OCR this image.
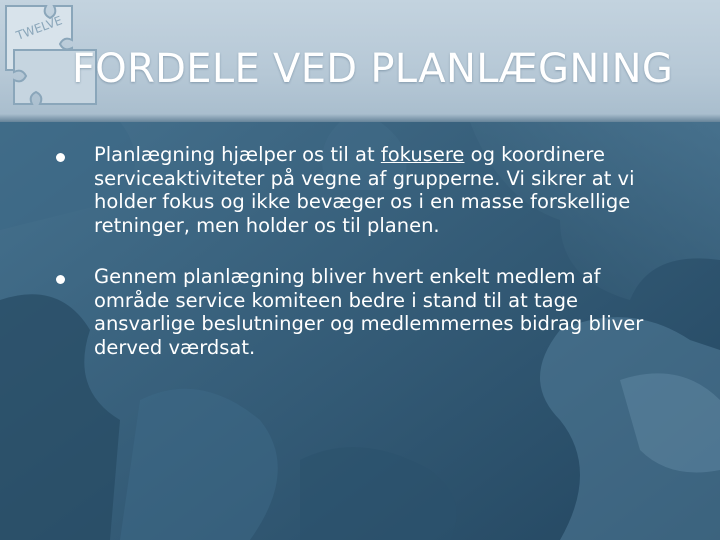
TWELVE
FORDELE VED PLANLÆGNING
Planlægning hjælper os til at fokusere og koordinere serviceaktiviteter på vegne af grupperne. Vi sikrer at vi holder fokus og ikke bevæger os i en masse forskellige retninger, men holder os til planen.
Gennem planlægning bliver hvert enkelt medlem af område service komiteen bedre i stand til at tage ansvarlige beslutninger og medlemmernes bidrag bliver derved værdsat.
